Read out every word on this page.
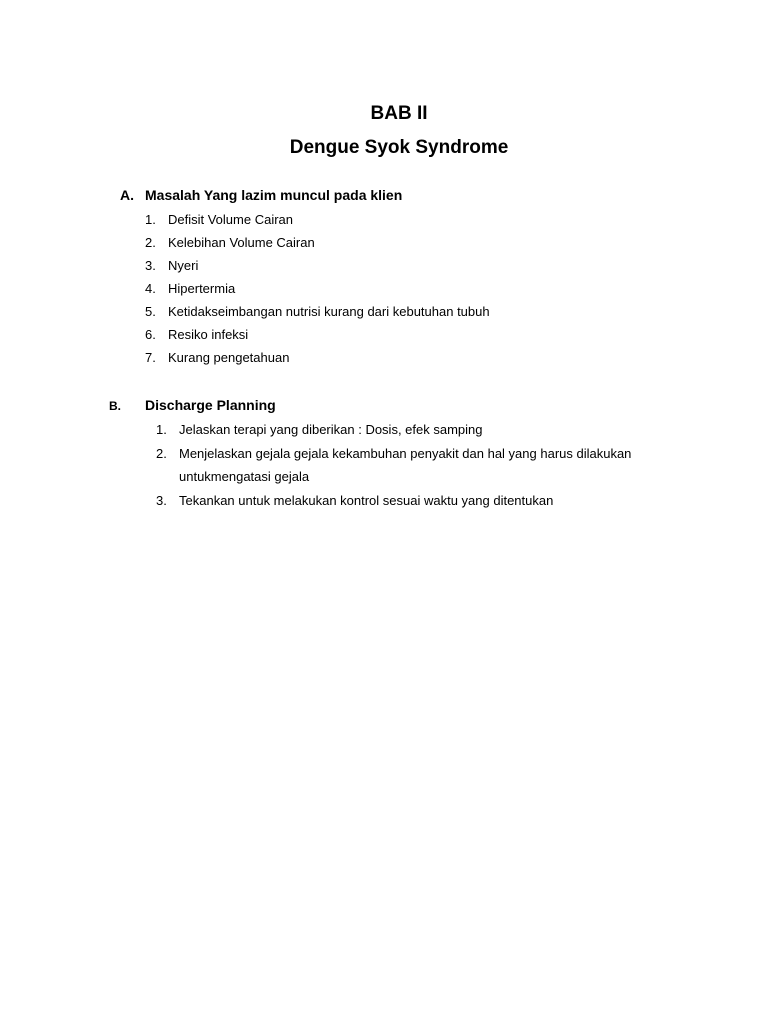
BAB II
Dengue Syok Syndrome
A. Masalah Yang lazim muncul pada klien
1. Defisit Volume Cairan
2. Kelebihan Volume Cairan
3. Nyeri
4. Hipertermia
5. Ketidakseimbangan nutrisi kurang dari kebutuhan tubuh
6. Resiko infeksi
7. Kurang pengetahuan
B. Discharge Planning
1. Jelaskan terapi yang diberikan : Dosis, efek samping
2. Menjelaskan gejala gejala kekambuhan penyakit dan hal yang harus dilakukan
untukmengatasi gejala
3. Tekankan untuk melakukan kontrol sesuai waktu yang ditentukan
